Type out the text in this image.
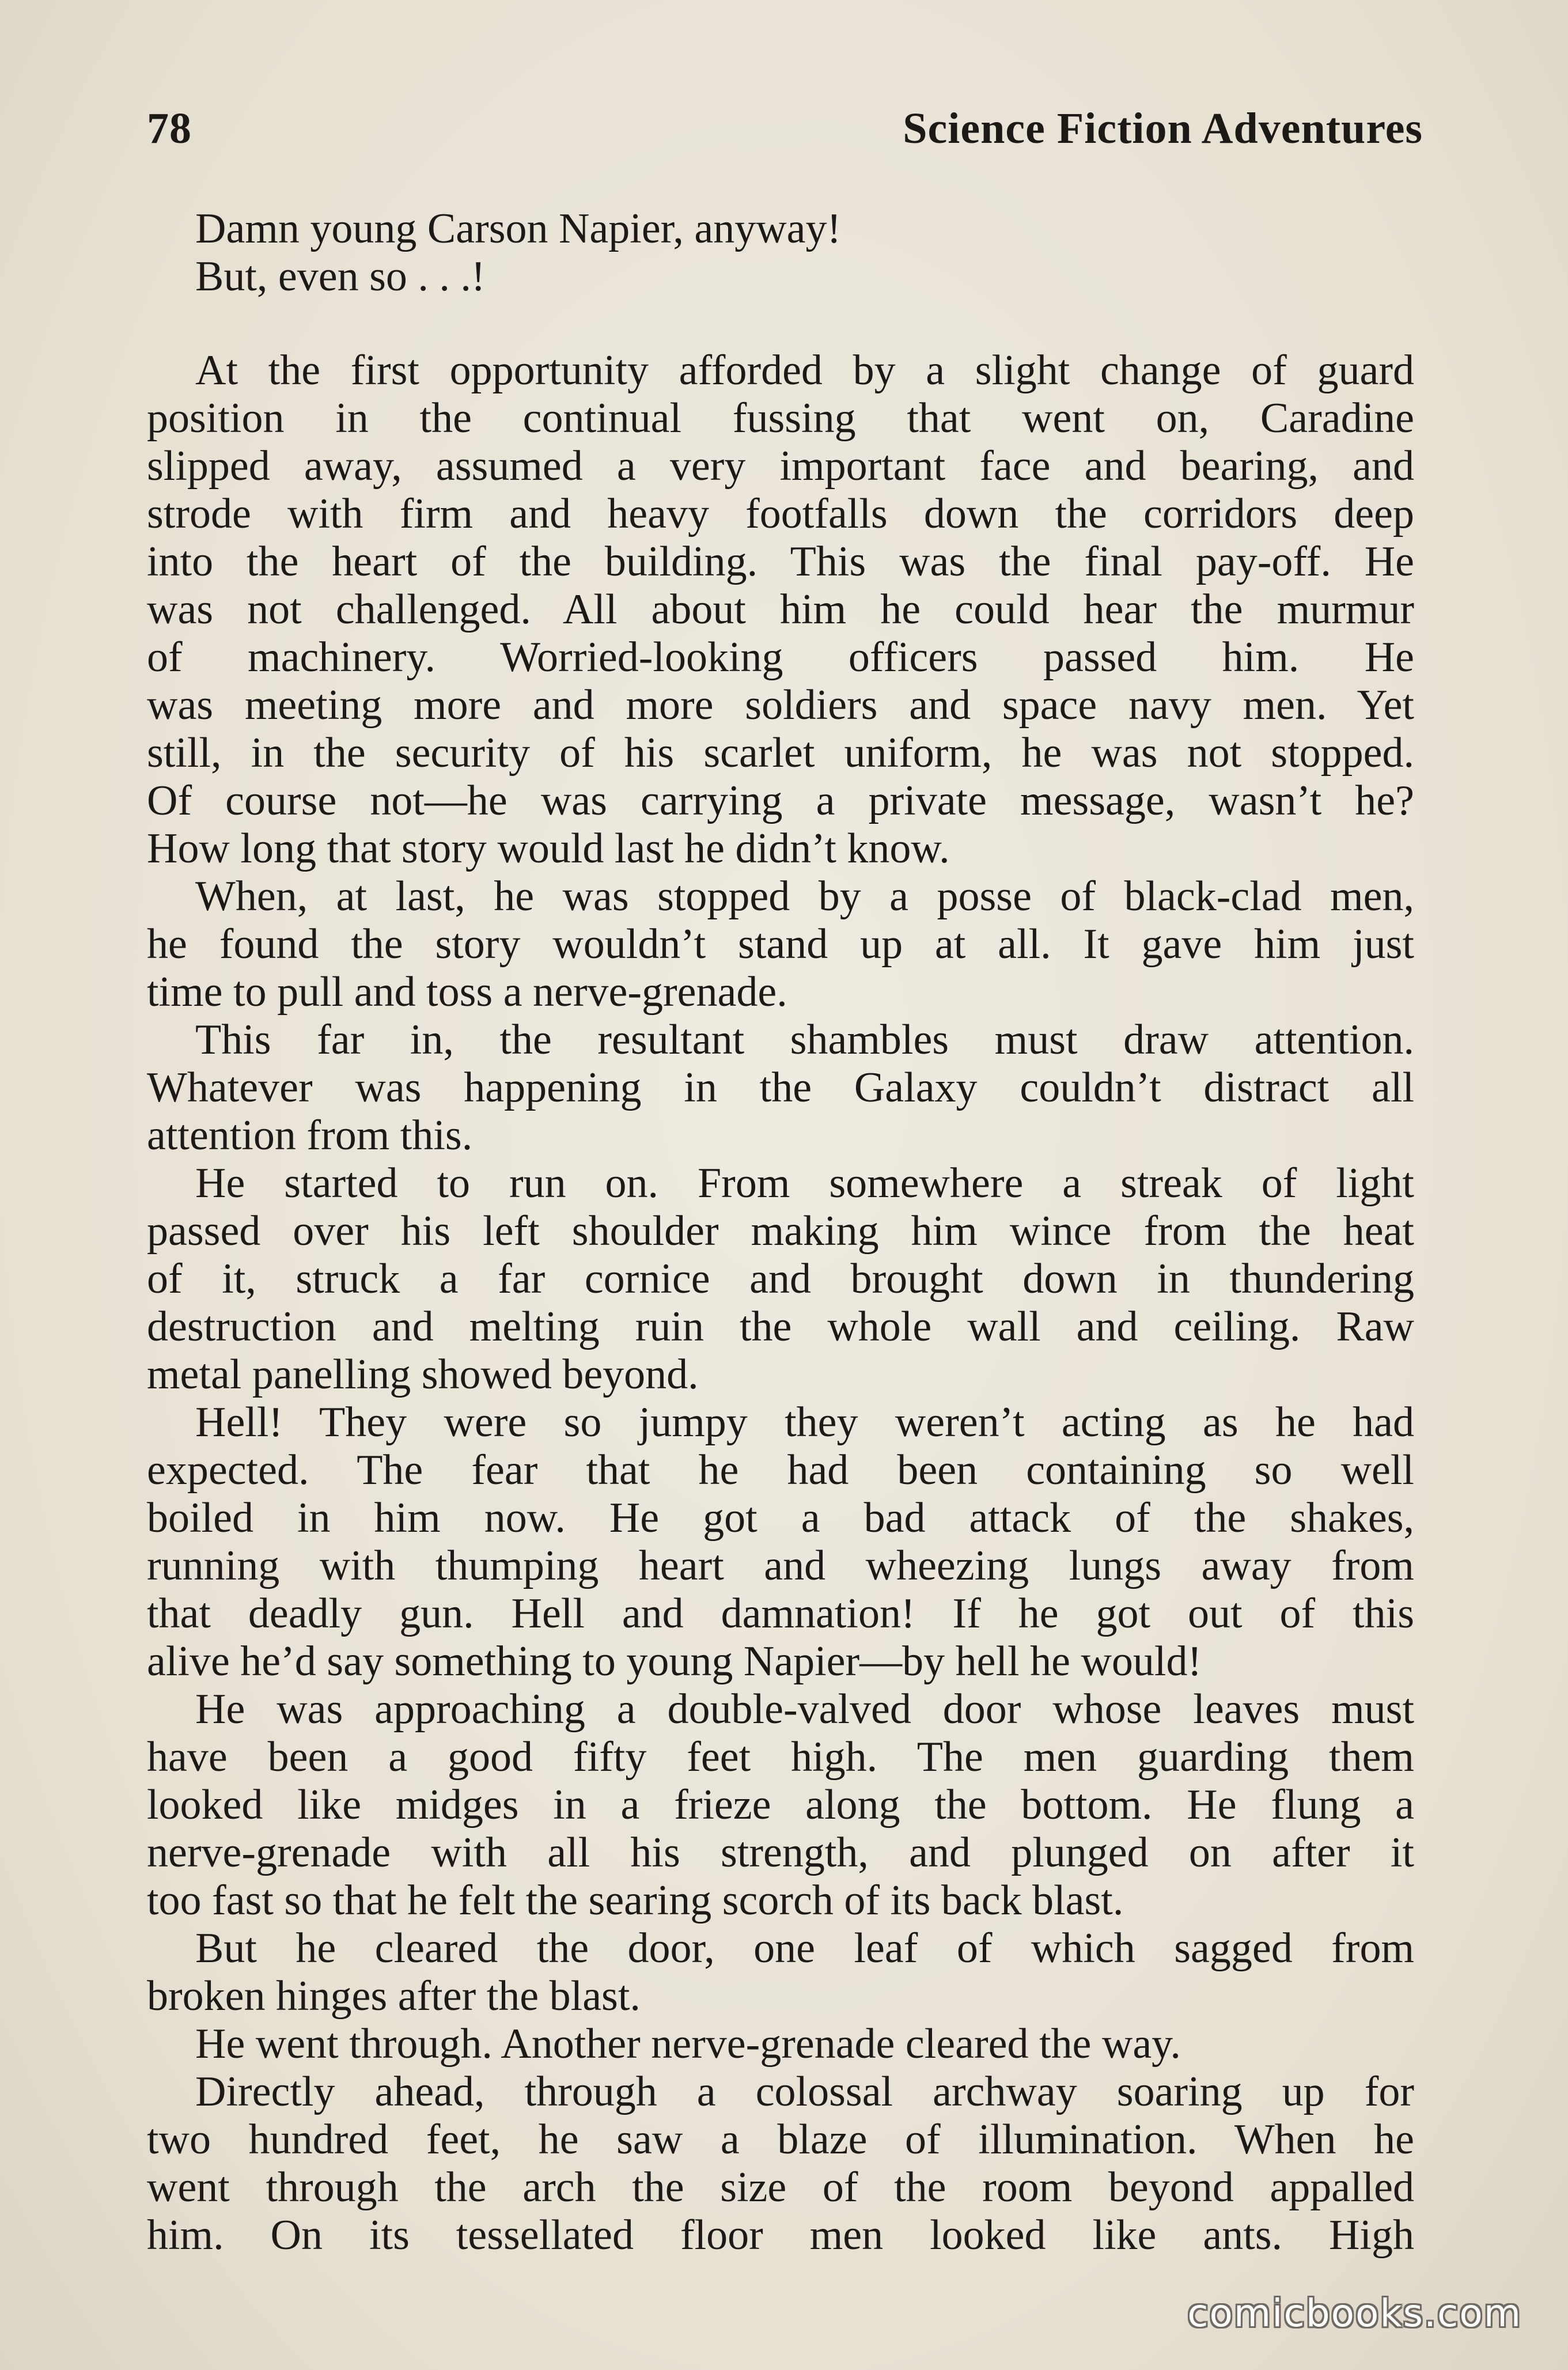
78	Science Fiction Adventures
Damn young Carson Napier, anyway!
But, even so . . .!
At the first opportunity afforded by a slight change of guard
position in the continual fussing that went on, Caradine
slipped away, assumed a very important face and bearing, and
strode with firm and heavy footfalls down the corridors deep
into the heart of the building. This was the final pay-off. He
was not challenged. All about him he could hear the murmur
of machinery. Worried-looking officers passed him. He
was meeting more and more soldiers and space navy men. Yet
still, in the security of his scarlet uniform, he was not stopped.
Of course not—he was carrying a private message, wasn’t he?
How long that story would last he didn’t know.
When, at last, he was stopped by a posse of black-clad men,
he found the story wouldn’t stand up at all. It gave him just
time to pull and toss a nerve-grenade.
This far in, the resultant shambles must draw attention.
Whatever was happening in the Galaxy couldn’t distract all
attention from this.
He started to run on. From somewhere a streak of light
passed over his left shoulder making him wince from the heat
of it, struck a far cornice and brought down in thundering
destruction and melting ruin the whole wall and ceiling. Raw
metal panelling showed beyond.
Hell! They were so jumpy they weren’t acting as he had
expected. The fear that he had been containing so well
boiled in him now. He got a bad attack of the shakes,
running with thumping heart and wheezing lungs away from
that deadly gun. Hell and damnation! If he got out of this
alive he’d say something to young Napier—by hell he would!
He was approaching a double-valved door whose leaves must
have been a good fifty feet high. The men guarding them
looked like midges in a frieze along the bottom. He flung a
nerve-grenade with all his strength, and plunged on after it
too fast so that he felt the searing scorch of its back blast.
But he cleared the door, one leaf of which sagged from
broken hinges after the blast.
He went through. Another nerve-grenade cleared the way.
Directly ahead, through a colossal archway soaring up for
two hundred feet, he saw a blaze of illumination. When he
went through the arch the size of the room beyond appalled
him. On its tessellated floor men looked like ants. High
comicbooks.com
